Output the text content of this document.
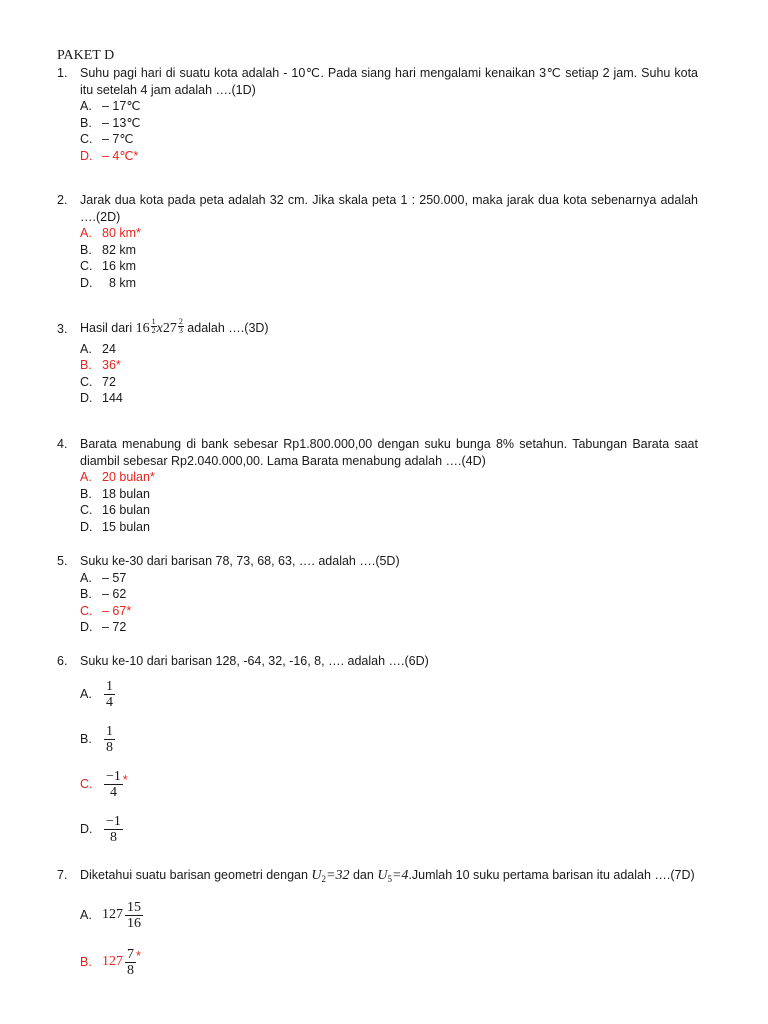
PAKET D
1.	Suhu pagi hari di suatu kota adalah - 10℃. Pada siang hari mengalami kenaikan 3℃ setiap 2 jam. Suhu kota itu setelah 4 jam adalah ….(1D)
A. – 17℃
B. – 13℃
C. – 7℃
D. – 4℃*
2.	Jarak dua kota pada peta adalah 32 cm. Jika skala peta 1 : 250.000, maka jarak dua kota sebenarnya adalah ….(2D)
A. 80 km*
B. 82 km
C. 16 km
D. 8 km
3.	Hasil dari $16 \frac{1}{2} x27 \frac{2}{3}$ adalah ….(3D)
A. 24
B. 36*
C. 72
D. 144
4.	Barata menabung di bank sebesar Rp1.800.000,00 dengan suku bunga 8% setahun. Tabungan Barata saat diambil sebesar Rp2.040.000,00. Lama Barata menabung adalah ….(4D)
A. 20 bulan*
B. 18 bulan
C. 16 bulan
D. 15 bulan
5.	Suku ke-30 dari barisan 78, 73, 68, 63, …. adalah ….(5D)
A. – 57
B. – 62
C. – 67*
D. – 72
6.	Suku ke-10 dari barisan 128, -64, 32, -16, 8, …. adalah ….(6D)
A. $\frac{1}{4}$
B. $\frac{1}{8}$
C. $\frac{-1}{4}$ *
D. $\frac{-1}{8}$
7.	Diketahui suatu barisan geometri dengan $U_2=32$ dan $U_5=4.Jumlah$ 10 suku pertama barisan itu adalah ….(7D)
A. $127 \frac{15}{16}$
B. $127 \frac{7}{8}$ *
